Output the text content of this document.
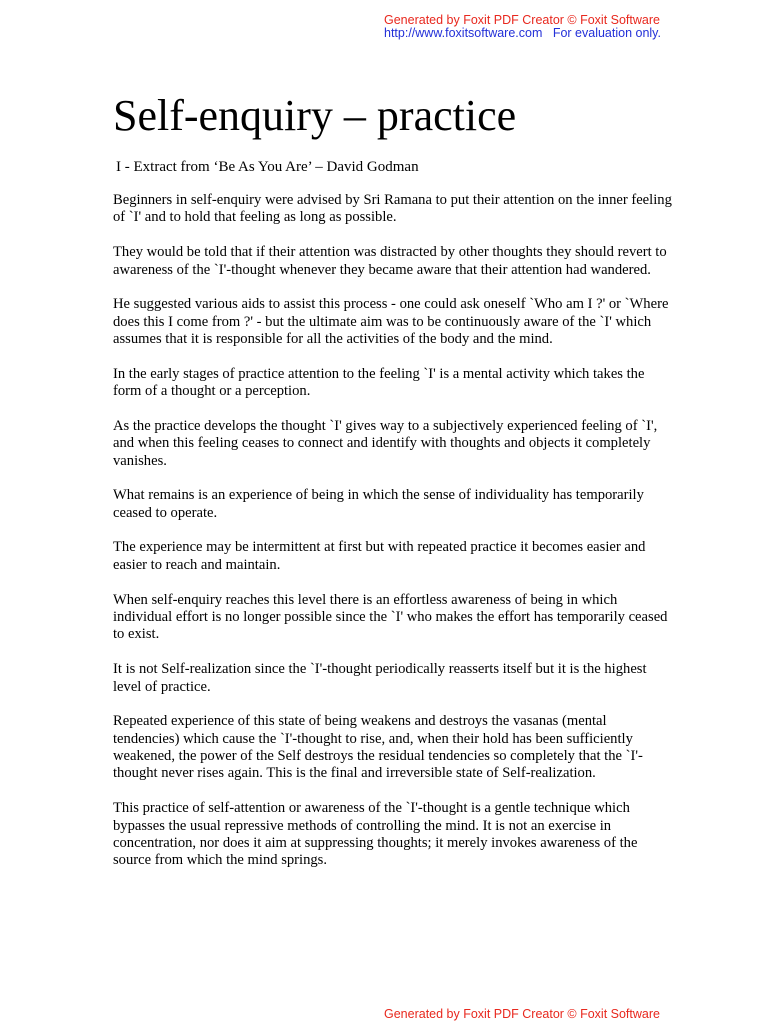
Generated by Foxit PDF Creator © Foxit Software
http://www.foxitsoftware.com For evaluation only.
Self-enquiry – practice
I - Extract from ‘Be As You Are’ – David Godman

Beginners in self-enquiry were advised by Sri Ramana to put their attention on the inner feeling of `I' and to hold that feeling as long as possible.

They would be told that if their attention was distracted by other thoughts they should revert to awareness of the `I'-thought whenever they became aware that their attention had wandered.

He suggested various aids to assist this process - one could ask oneself `Who am I ?' or `Where does this I come from ?' - but the ultimate aim was to be continuously aware of the `I' which assumes that it is responsible for all the activities of the body and the mind.

In the early stages of practice attention to the feeling `I' is a mental activity which takes the form of a thought or a perception.

As the practice develops the thought `I' gives way to a subjectively experienced feeling of `I', and when this feeling ceases to connect and identify with thoughts and objects it completely vanishes.

What remains is an experience of being in which the sense of individuality has temporarily ceased to operate.

The experience may be intermittent at first but with repeated practice it becomes easier and easier to reach and maintain.

When self-enquiry reaches this level there is an effortless awareness of being in which individual effort is no longer possible since the `I' who makes the effort has temporarily ceased to exist.

It is not Self-realization since the `I'-thought periodically reasserts itself but it is the highest level of practice.

Repeated experience of this state of being weakens and destroys the vasanas (mental tendencies) which cause the `I'-thought to rise, and, when their hold has been sufficiently weakened, the power of the Self destroys the residual tendencies so completely that the `I'-thought never rises again. This is the final and irreversible state of Self-realization.

This practice of self-attention or awareness of the `I'-thought is a gentle technique which bypasses the usual repressive methods of controlling the mind. It is not an exercise in concentration, nor does it aim at suppressing thoughts; it merely invokes awareness of the source from which the mind springs.

Generated by Foxit PDF Creator © Foxit Software
